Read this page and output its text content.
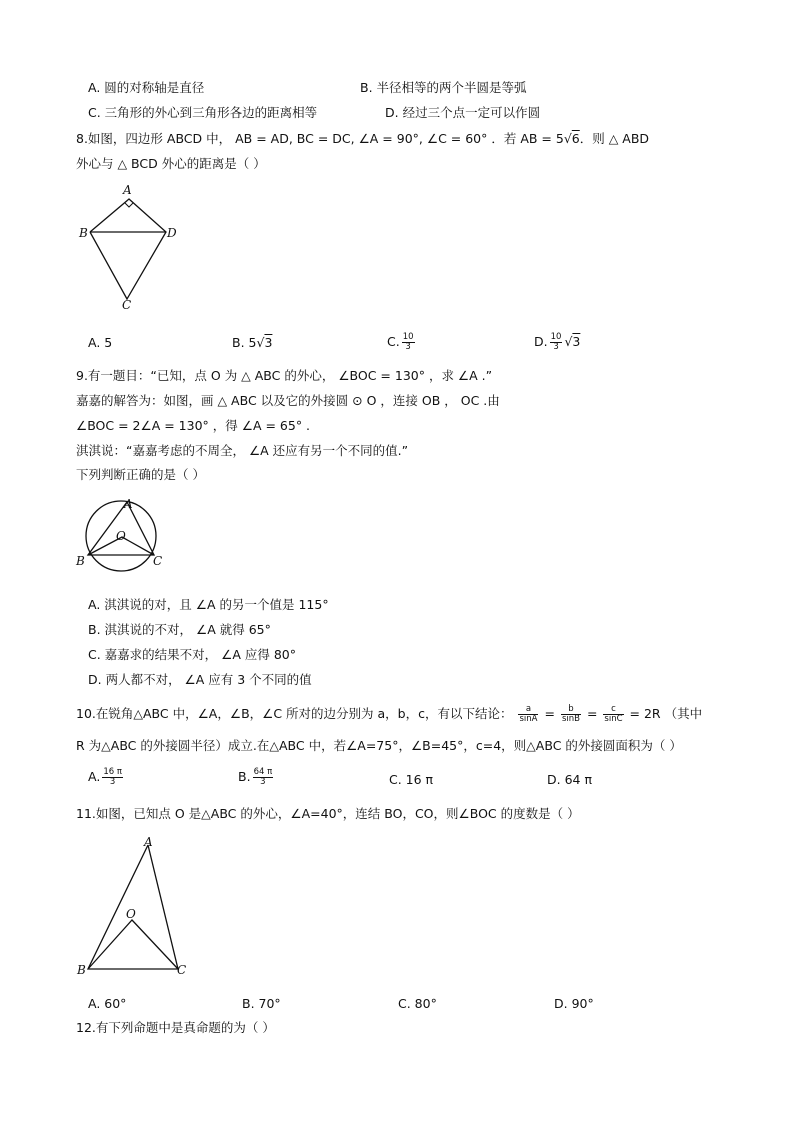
A. 圆的对称轴是直径	B. 半径相等的两个半圆是等弧
C. 三角形的外心到三角形各边的距离相等	D. 经过三个点一定可以作圆
8.如图，四边形 ABCD 中， AB = AD, BC = DC, ∠A = 90°, ∠C = 60° ．若 AB = 5√6．则 △ ABD
外心与 △ BCD 外心的距离是（ ）
A
B	D
C
A. 5	B. 5√3	C. $\frac{10}{3}$	D. $\frac{10}{3} √3$
9.有一题目：“已知，点 O 为 △ ABC 的外心， ∠BOC = 130° ，求 ∠A .”
嘉嘉的解答为：如图，画 △ ABC 以及它的外接圆 ⊙ O ，连接 OB ， OC .由
∠BOC = 2∠A = 130° ，得 ∠A = 65° .
淇淇说：“嘉嘉考虑的不周全， ∠A 还应有另一个不同的值.”
下列判断正确的是（ ）
A
B	C
O
A. 淇淇说的对，且 ∠A 的另一个值是 115°
B. 淇淇说的不对， ∠A 就得 65°
C. 嘉嘉求的结果不对， ∠A 应得 80°
D. 两人都不对， ∠A 应有 3 个不同的值
10.在锐角△ABC 中，∠A，∠B，∠C 所对的边分别为 a，b，c，有以下结论： $\frac{a}{\sin A} = \frac{b}{\sin B} = \frac{c}{\sin C} = 2R$ （其中
R 为△ABC 的外接圆半径）成立.在△ABC 中，若∠A=75°，∠B=45°，c=4，则△ABC 的外接圆面积为（ ）
A. $\frac{16 \pi}{3}$	B. $\frac{64 \pi}{3}$	C. 16 π	D. 64 π
11.如图，已知点 O 是△ABC 的外心，∠A=40°，连结 BO，CO，则∠BOC 的度数是（ ）
A
B	C
O
A. 60°	B. 70°	C. 80°	D. 90°
12.有下列命题中是真命题的为（ ）
